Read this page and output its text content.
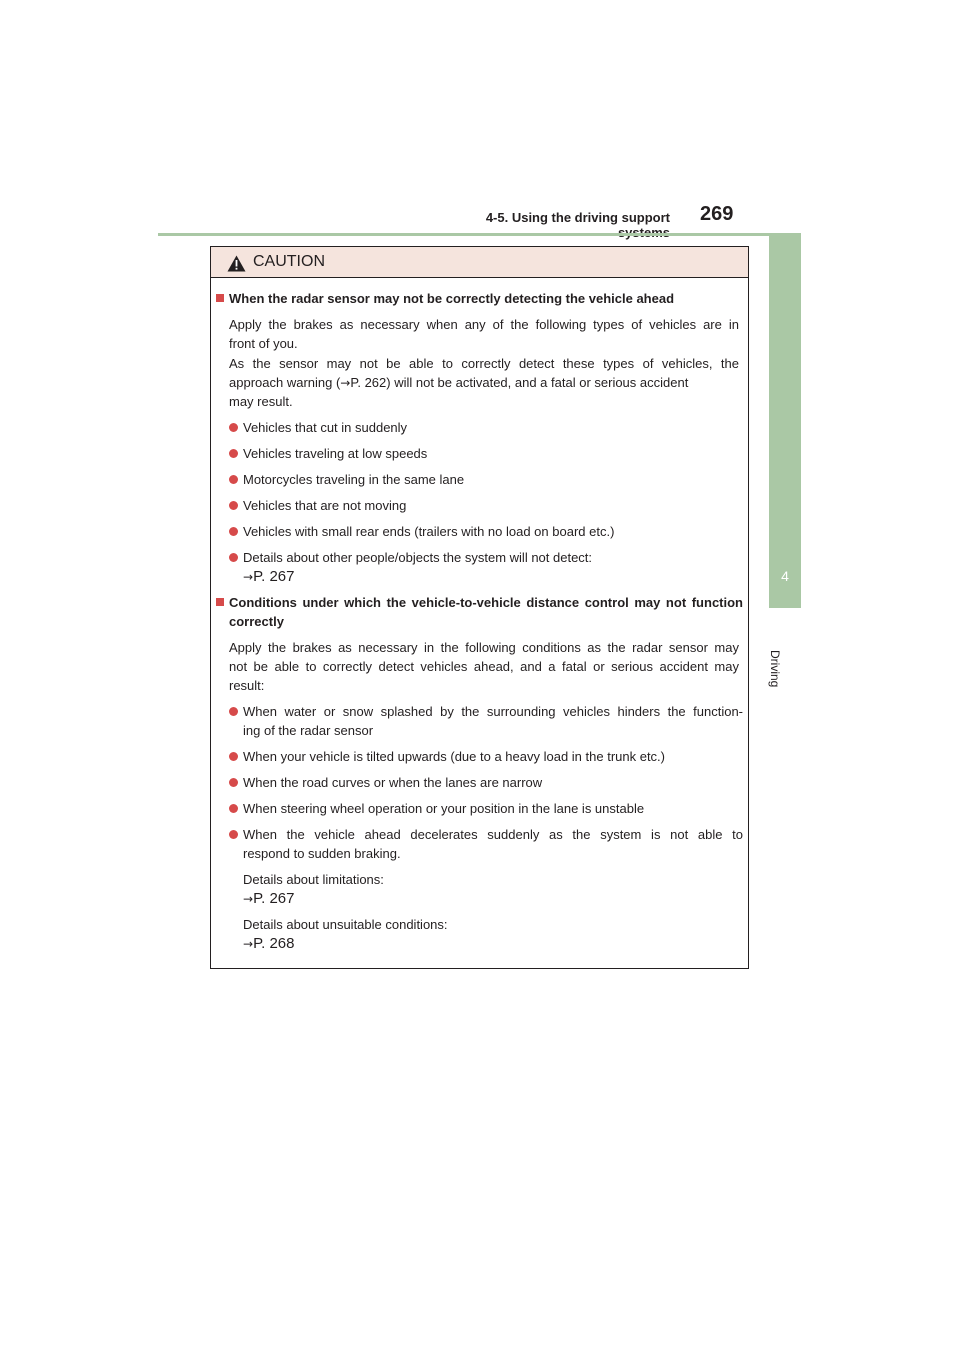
4-5. Using the driving support 269
4
Driving
CAUTION
When the radar sensor may not be correctly detecting the vehicle ahead
Apply the brakes as necessary when any of the following types of vehicles are in
front of you.
As the sensor may not be able to correctly detect these types of vehicles, the
approach warning (→P. 262) will not be activated, and a fatal or serious accident
may result.
Vehicles that cut in suddenly
Vehicles traveling at low speeds
Motorcycles traveling in the same lane
Vehicles that are not moving
Vehicles with small rear ends (trailers with no load on board etc.)
Details about other people/objects the system will not detect:
→P. 267
Conditions under which the vehicle-to-vehicle distance control may not function
correctly
Apply the brakes as necessary in the following conditions as the radar sensor may
not be able to correctly detect vehicles ahead, and a fatal or serious accident may
result:
When water or snow splashed by the surrounding vehicles hinders the function-
ing of the radar sensor
When your vehicle is tilted upwards (due to a heavy load in the trunk etc.)
When the road curves or when the lanes are narrow
When steering wheel operation or your position in the lane is unstable
When the vehicle ahead decelerates suddenly as the system is not able to
respond to sudden braking.
Details about limitations:
→P. 267
Details about unsuitable conditions:
→P. 268
